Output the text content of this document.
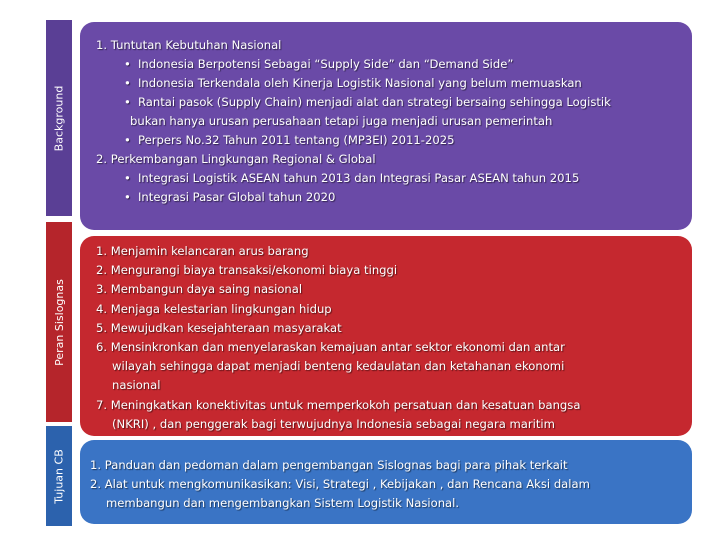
Background
Peran Sislognas
Tujuan CB
1. Tuntutan Kebutuhan Nasional
• Indonesia Berpotensi Sebagai “Supply Side” dan “Demand Side”
• Indonesia Terkendala oleh Kinerja Logistik Nasional yang belum memuaskan
• Rantai pasok (Supply Chain) menjadi alat dan strategi bersaing sehingga Logistik
bukan hanya urusan perusahaan tetapi juga menjadi urusan pemerintah
• Perpers No.32 Tahun 2011 tentang (MP3EI) 2011-2025
2. Perkembangan Lingkungan Regional & Global
• Integrasi Logistik ASEAN tahun 2013 dan Integrasi Pasar ASEAN tahun 2015
• Integrasi Pasar Global tahun 2020
1. Menjamin kelancaran arus barang
2. Mengurangi biaya transaksi/ekonomi biaya tinggi
3. Membangun daya saing nasional
4. Menjaga kelestarian lingkungan hidup
5. Mewujudkan kesejahteraan masyarakat
6. Mensinkronkan dan menyelaraskan kemajuan antar sektor ekonomi dan antar
wilayah sehingga dapat menjadi benteng kedaulatan dan ketahanan ekonomi
nasional
7. Meningkatkan konektivitas untuk memperkokoh persatuan dan kesatuan bangsa
(NKRI) , dan penggerak bagi terwujudnya Indonesia sebagai negara maritim
1. Panduan dan pedoman dalam pengembangan Sislognas bagi para pihak terkait
2. Alat untuk mengkomunikasikan: Visi, Strategi , Kebijakan , dan Rencana Aksi dalam
membangun dan mengembangkan Sistem Logistik Nasional.
